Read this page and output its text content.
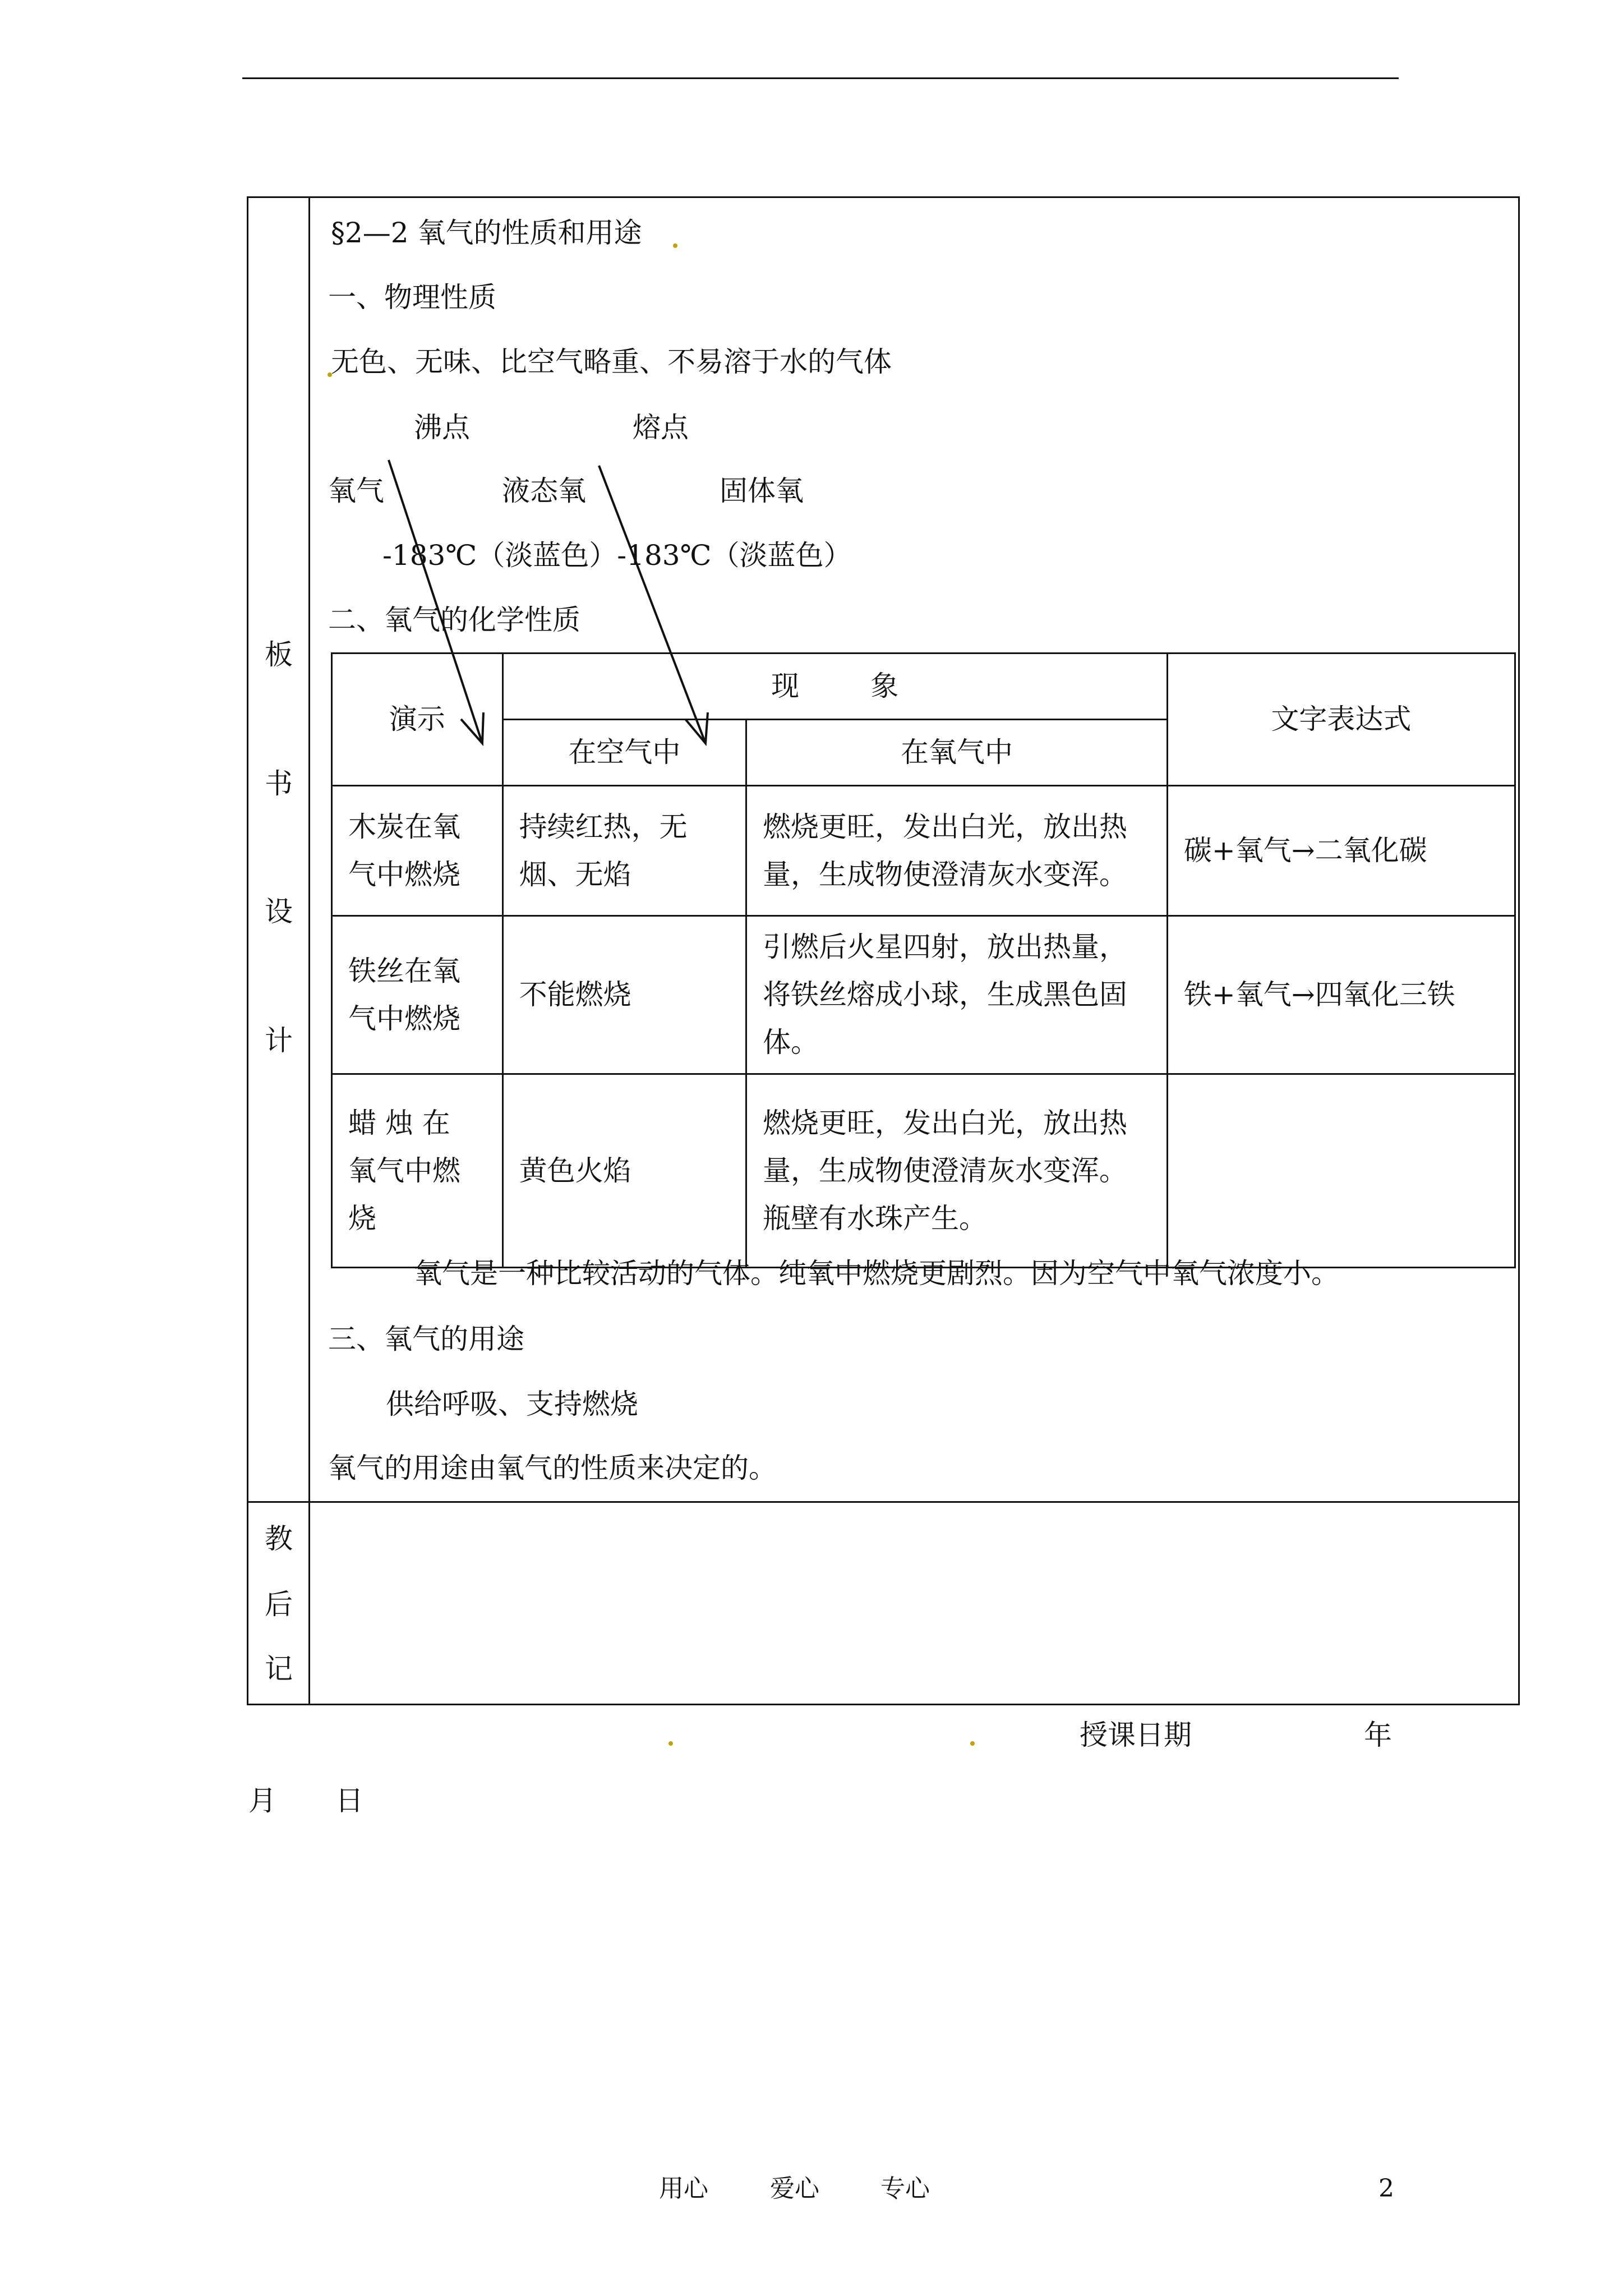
板
书
设
计
教
后
记
§2—2 氧气的性质和用途
一、物理性质
无色、无味、比空气略重、不易溶于水的气体
沸点	熔点
氧气	液态氧	固体氧
-183℃（淡蓝色）-183℃（淡蓝色）
二、氧气的化学性质
演示	现        象		文字表达式
	在空气中	在氧气中	
木炭在氧气中燃烧	持续红热，无烟、无焰	燃烧更旺，发出白光，放出热量，生成物使澄清灰水变浑。	碳+氧气→二氧化碳
铁丝在氧气中燃烧	不能燃烧	引燃后火星四射，放出热量，将铁丝熔成小球，生成黑色固体。	铁+氧气→四氧化三铁
蜡 烛 在 氧气中燃烧	黄色火焰	燃烧更旺，发出白光，放出热量，生成物使澄清灰水变浑。瓶壁有水珠产生。	
氧气是一种比较活动的气体。纯氧中燃烧更剧烈。因为空气中氧气浓度小。
三、氧气的用途
供给呼吸、支持燃烧
氧气的用途由氧气的性质来决定的。
授课日期	年
月 日
用心	爱心 专心	2
